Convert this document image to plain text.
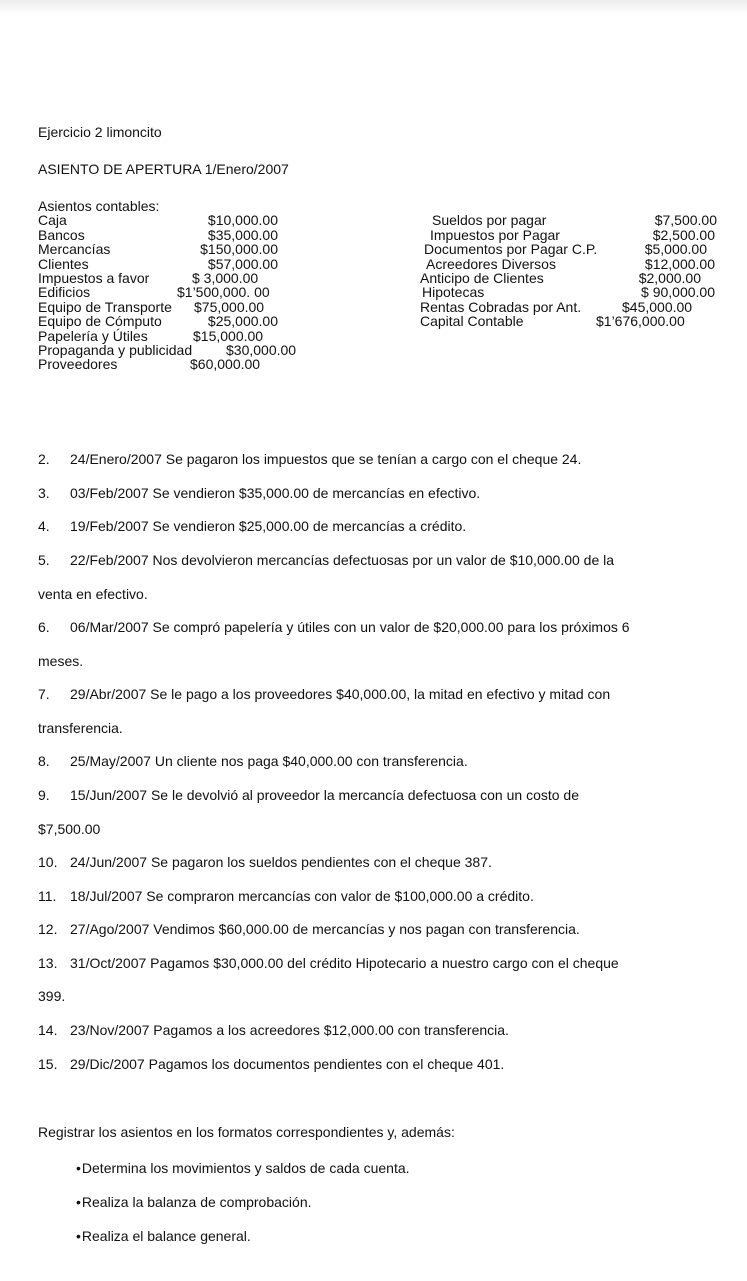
Ejercicio 2 limoncito
ASIENTO DE APERTURA 1/Enero/2007
Asientos contables:
Caja	$10,000.00
Bancos	$35,000.00
Mercancías	$150,000.00
Clientes	$57,000.00
Impuestos a favor	$ 3,000.00
Edificios	$1’500,000. 00
Equipo de Transporte $75,000.00
Equipo de Cómputo	$25,000.00
Papelería y Útiles	$15,000.00
Propaganda y publicidad $30,000.00
Proveedores	$60,000.00
Sueldos por pagar	$7,500.00
Impuestos por Pagar	$2,500.00
Documentos por Pagar C.P.	$5,000.00
Acreedores Diversos	$12,000.00
Anticipo de Clientes	$2,000.00
Hipotecas	$ 90,000.00
Rentas Cobradas por Ant.	$45,000.00
Capital Contable	$1’676,000.00
2. 24/Enero/2007 Se pagaron los impuestos que se tenían a cargo con el cheque 24.
3. 03/Feb/2007 Se vendieron $35,000.00 de mercancías en efectivo.
4. 19/Feb/2007 Se vendieron $25,000.00 de mercancías a crédito.
5. 22/Feb/2007 Nos devolvieron mercancías defectuosas por un valor de $10,000.00 de la
venta en efectivo.
6. 06/Mar/2007 Se compró papelería y útiles con un valor de $20,000.00 para los próximos 6
meses.
7. 29/Abr/2007 Se le pago a los proveedores $40,000.00, la mitad en efectivo y mitad con
transferencia.
8. 25/May/2007 Un cliente nos paga $40,000.00 con transferencia.
9. 15/Jun/2007 Se le devolvió al proveedor la mercancía defectuosa con un costo de
$7,500.00
10. 24/Jun/2007 Se pagaron los sueldos pendientes con el cheque 387.
11. 18/Jul/2007 Se compraron mercancías con valor de $100,000.00 a crédito.
12. 27/Ago/2007 Vendimos $60,000.00 de mercancías y nos pagan con transferencia.
13. 31/Oct/2007 Pagamos $30,000.00 del crédito Hipotecario a nuestro cargo con el cheque
399.
14. 23/Nov/2007 Pagamos a los acreedores $12,000.00 con transferencia.
15. 29/Dic/2007 Pagamos los documentos pendientes con el cheque 401.
Registrar los asientos en los formatos correspondientes y, además:
•Determina los movimientos y saldos de cada cuenta.
•Realiza la balanza de comprobación.
•Realiza el balance general.
